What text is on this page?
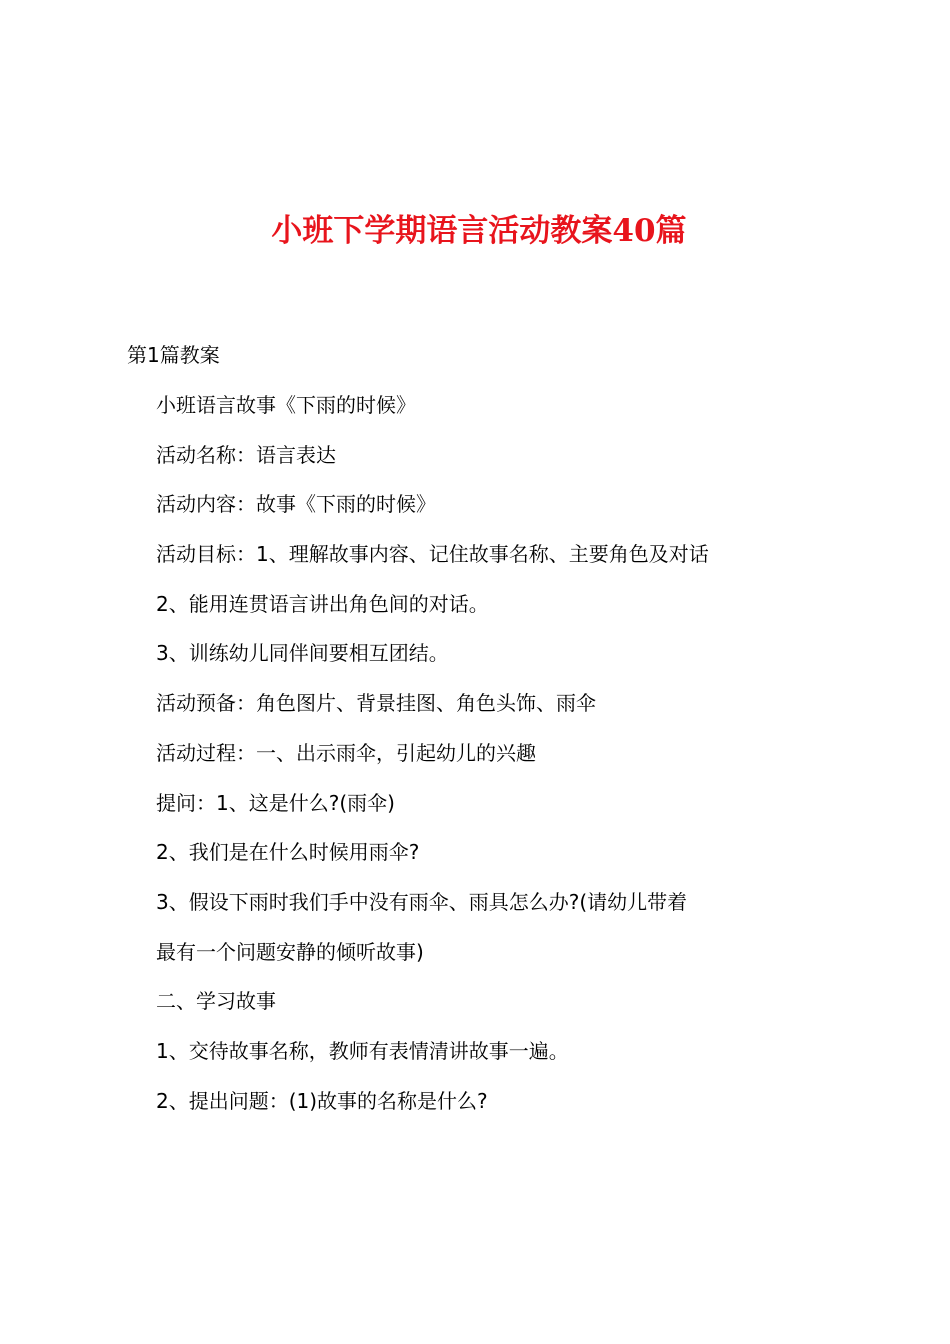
小班下学期语言活动教案40篇
第1篇教案
小班语言故事《下雨的时候》
活动名称：语言表达
活动内容：故事《下雨的时候》
活动目标：1、理解故事内容、记住故事名称、主要角色及对话
2、能用连贯语言讲出角色间的对话。
3、训练幼儿同伴间要相互团结。
活动预备：角色图片、背景挂图、角色头饰、雨伞
活动过程：一、出示雨伞，引起幼儿的兴趣
提问：1、这是什么?(雨伞)
2、我们是在什么时候用雨伞?
3、假设下雨时我们手中没有雨伞、雨具怎么办?(请幼儿带着
最有一个问题安静的倾听故事)
二、学习故事
1、交待故事名称，教师有表情清讲故事一遍。
2、提出问题：(1)故事的名称是什么?
